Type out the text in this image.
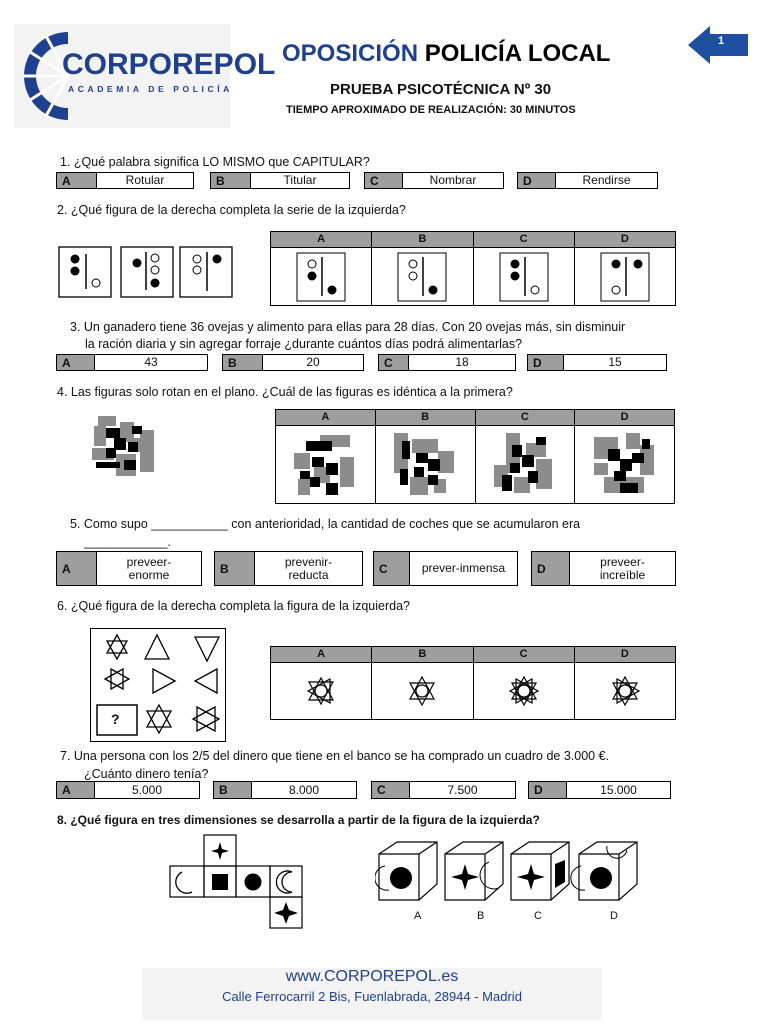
CORPOREPOL
ACADEMIA DE POLICÍA
OPOSICIÓN POLICÍA LOCAL
PRUEBA PSICOTÉCNICA Nº 30
TIEMPO APROXIMADO DE REALIZACIÓN: 30 MINUTOS
1
1. ¿Qué palabra significa LO MISMO que CAPITULAR?
A	Rotular	B	Titular	C	Nombrar	D	Rendirse
2. ¿Qué figura de la derecha completa la serie de la izquierda?
A	B	C	D
3. Un ganadero tiene 36 ovejas y alimento para ellas para 28 días. Con 20 ovejas más, sin disminuir
la ración diaria y sin agregar forraje ¿durante cuántos días podrá alimentarlas?
A	43	B	20	C	18	D	15
4. Las figuras solo rotan en el plano. ¿Cuál de las figuras es idéntica a la primera?
A	B	C	D
5. Como supo ___________ con anterioridad, la cantidad de coches que se acumularon era
____________.
A	preveer-enorme	B	prevenir-reducta	C	prever-inmensa	D	preveer-increíble
6. ¿Qué figura de la derecha completa la figura de la izquierda?
?
A	B	C	D
7. Una persona con los 2/5 del dinero que tiene en el banco se ha comprado un cuadro de 3.000 €.
¿Cuánto dinero tenía?
A	5.000	B	8.000	C	7.500	D	15.000
8. ¿Qué figura en tres dimensiones se desarrolla a partir de la figura de la izquierda?
A	B	C	D
www.CORPOREPOL.es
Calle Ferrocarril 2 Bis, Fuenlabrada, 28944 - Madrid
